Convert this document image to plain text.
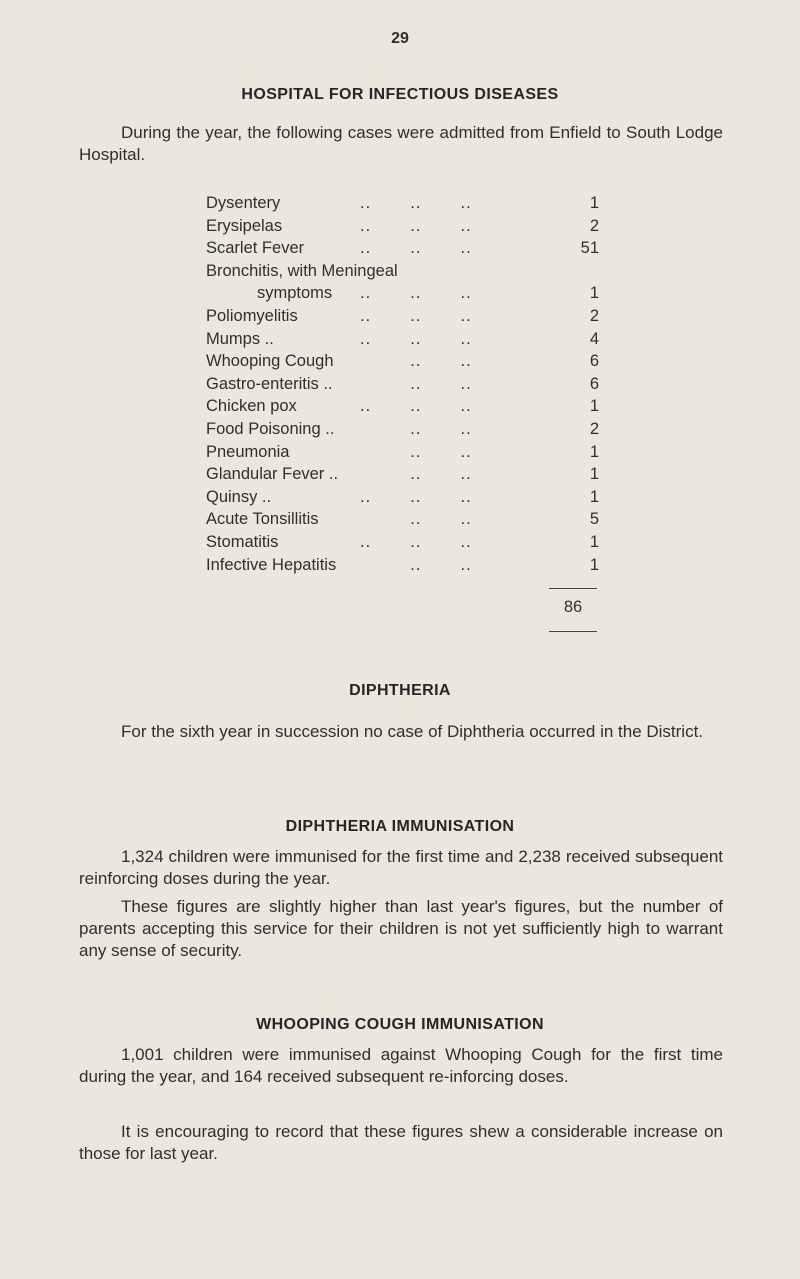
29
HOSPITAL FOR INFECTIOUS DISEASES
During the year, the following cases were admitted from Enfield to South Lodge Hospital.
Dysentery	..       ..       ..	1
Erysipelas	..       ..       ..	2
Scarlet Fever	..       ..       ..	51
Bronchitis, with Meningeal
symptoms ..       ..       ..	1
Poliomyelitis	..       ..       ..	2
Mumps ..	..       ..       ..	4
Whooping Cough ..       ..	6
Gastro-enteritis .. ..       ..	6
Chicken pox	..       ..       ..	1
Food Poisoning .. ..       ..	2
Pneumonia	..       ..	1
Glandular Fever .. ..       ..	1
Quinsy ..	..       ..       ..	1
Acute Tonsillitis	..       ..	5
Stomatitis	..       ..       ..	1
Infective Hepatitis ..       ..	1
86
DIPHTHERIA
For the sixth year in succession no case of Diphtheria occurred in the District.
DIPHTHERIA IMMUNISATION
1,324 children were immunised for the first time and 2,238 received subsequent reinforcing doses during the year.
These figures are slightly higher than last year's figures, but the number of parents accepting this service for their children is not yet sufficiently high to warrant any sense of security.
WHOOPING COUGH IMMUNISATION
1,001 children were immunised against Whooping Cough for the first time during the year, and 164 received subsequent re-inforcing doses.
It is encouraging to record that these figures shew a considerable increase on those for last year.
